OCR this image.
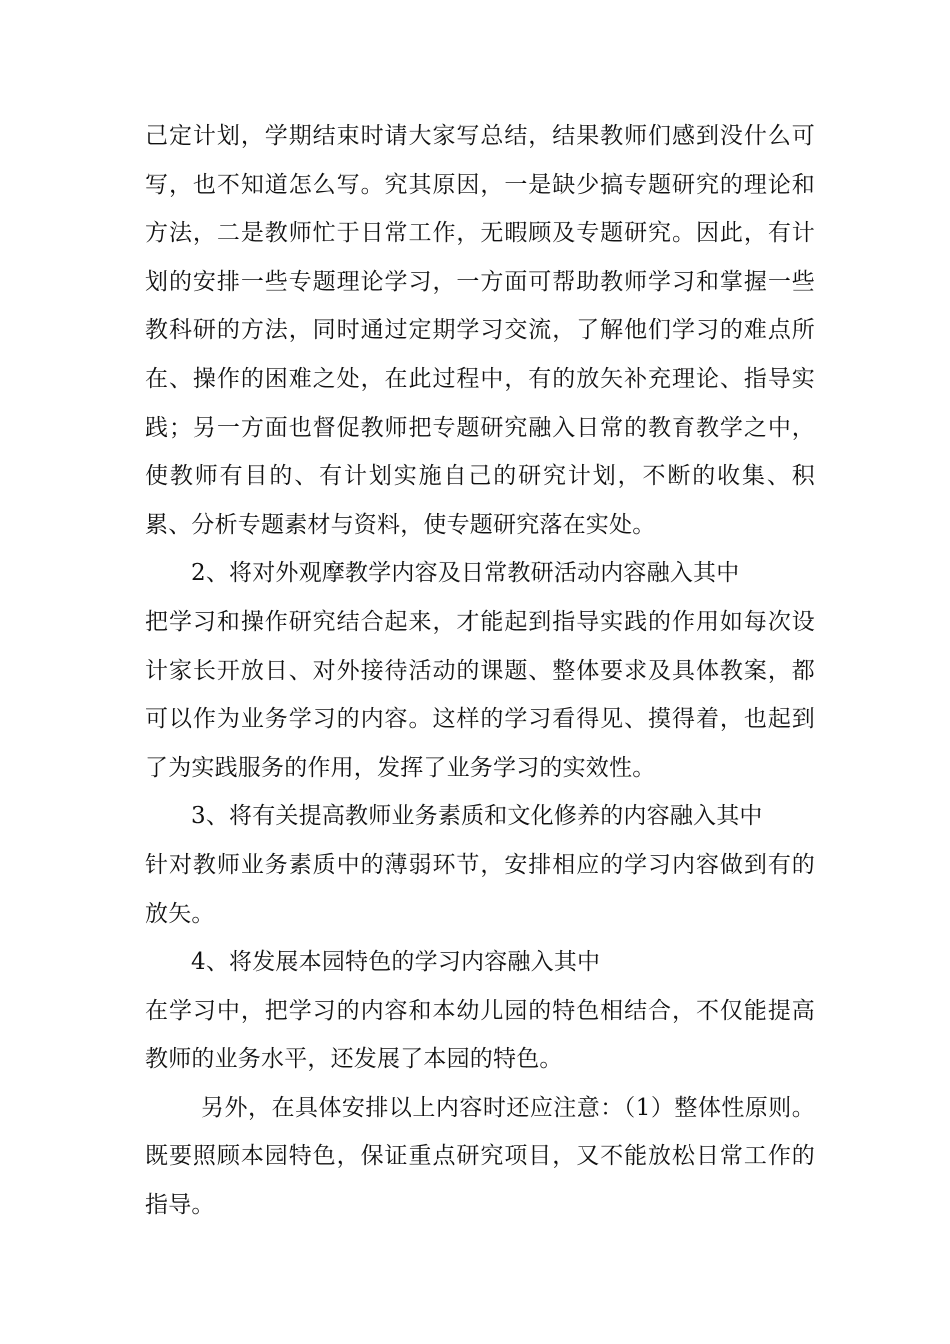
己定计划，学期结束时请大家写总结，结果教师们感到没什么可写，也不知道怎么写。究其原因，一是缺少搞专题研究的理论和方法，二是教师忙于日常工作，无暇顾及专题研究。因此，有计划的安排一些专题理论学习，一方面可帮助教师学习和掌握一些教科研的方法，同时通过定期学习交流，了解他们学习的难点所在、操作的困难之处，在此过程中，有的放矢补充理论、指导实践；另一方面也督促教师把专题研究融入日常的教育教学之中，使教师有目的、有计划实施自己的研究计划，不断的收集、积累、分析专题素材与资料，使专题研究落在实处。

2、将对外观摩教学内容及日常教研活动内容融入其中

把学习和操作研究结合起来，才能起到指导实践的作用如每次设计家长开放日、对外接待活动的课题、整体要求及具体教案，都可以作为业务学习的内容。这样的学习看得见、摸得着，也起到了为实践服务的作用，发挥了业务学习的实效性。

3、将有关提高教师业务素质和文化修养的内容融入其中

针对教师业务素质中的薄弱环节，安排相应的学习内容做到有的放矢。

4、将发展本园特色的学习内容融入其中

在学习中，把学习的内容和本幼儿园的特色相结合，不仅能提高教师的业务水平，还发展了本园的特色。

另外，在具体安排以上内容时还应注意：（1）整体性原则。既要照顾本园特色，保证重点研究项目，又不能放松日常工作的指导。
